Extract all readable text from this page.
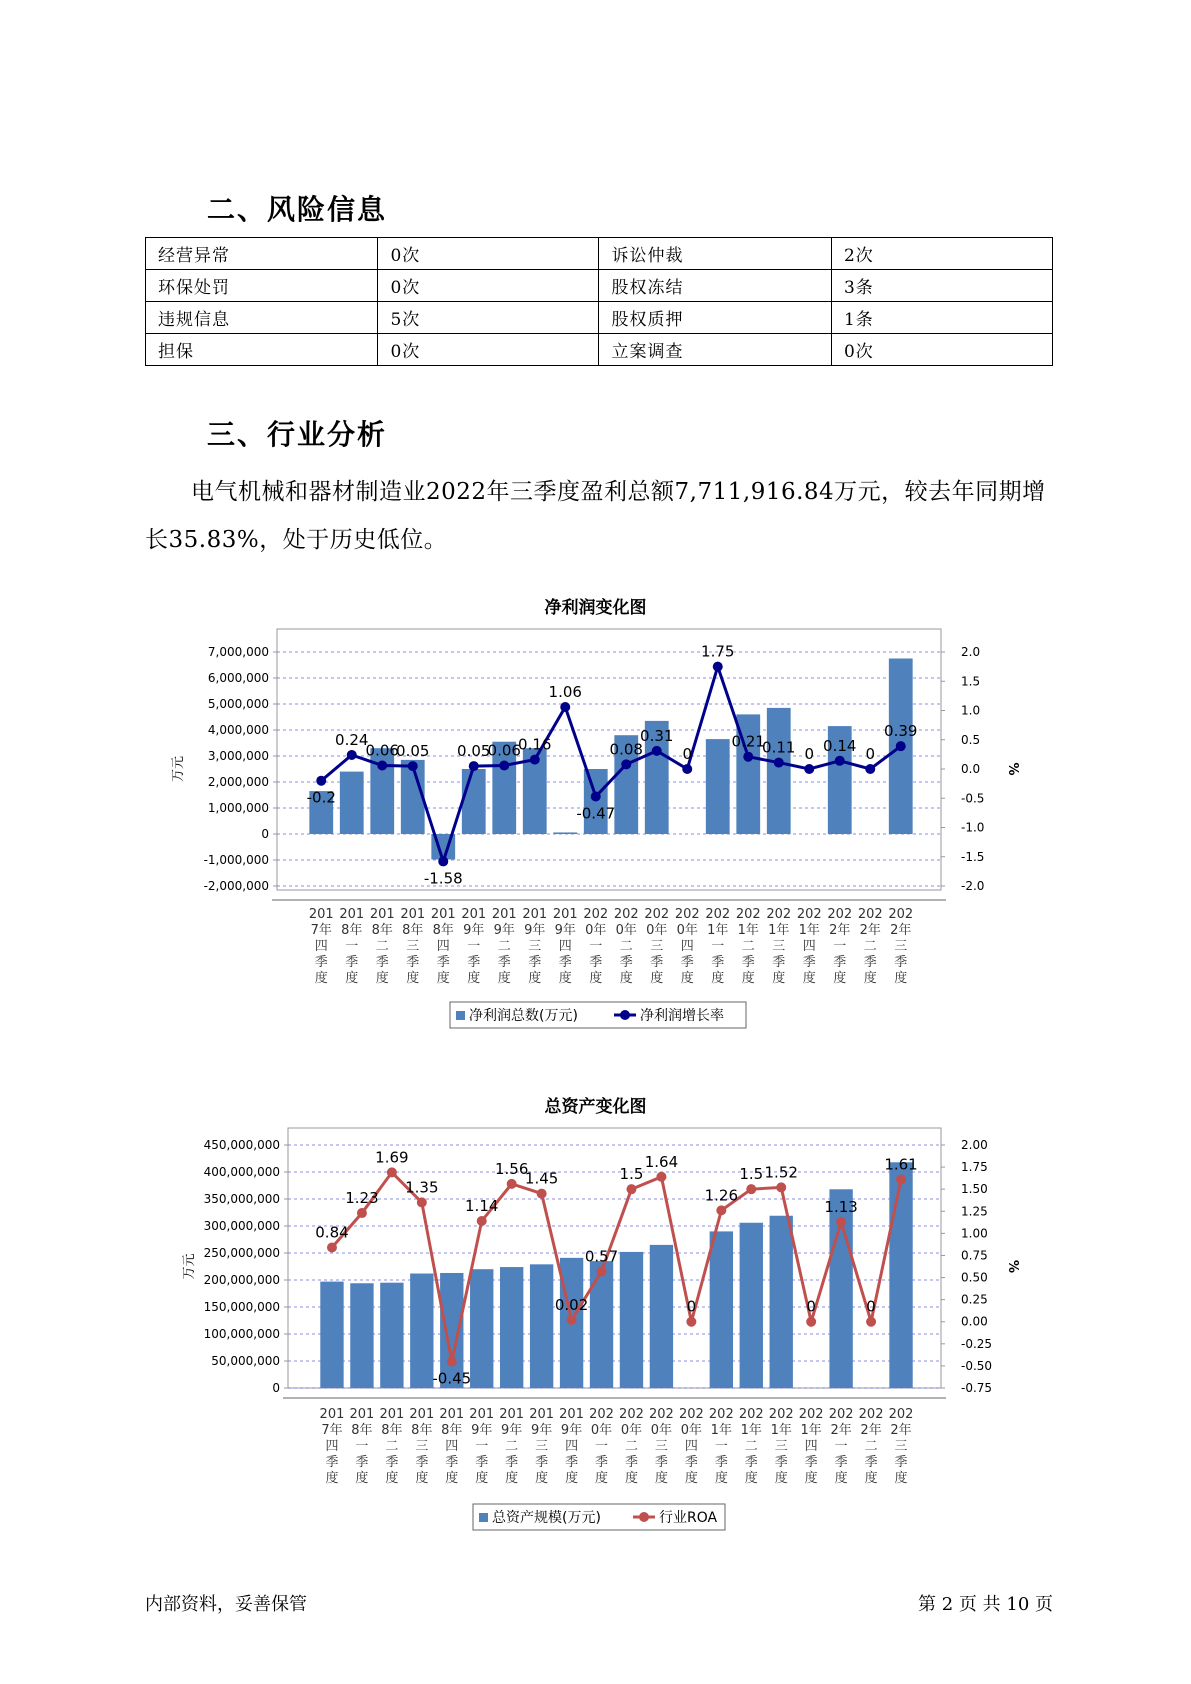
二、风险信息
经营异常	0次	诉讼仲裁	2次
环保处罚	0次	股权冻结	3条
违规信息	5次	股权质押	1条
担保	0次	立案调查	0次
三、行业分析
电气机械和器材制造业2022年三季度盈利总额7,711,916.84万元，较去年同期增长35.83%，处于历史低位。
净利润变化图
7,000,000
6,000,000
5,000,000
4,000,000
3,000,000
2,000,000
1,000,000
0
-1,000,000
-2,000,000
2.0
1.5
1.0
0.5
0.0
-0.5
-1.0
-1.5
-2.0
万元	%
-0.2
0.24
0.06
0.05
-1.58
0.05
0.06
0.16
1.06
-0.47
0.08
0.31
0
1.75
0.21
0.11 0 0.14 0
0.39
201
7年
四
季
度
201
8年
一
季
度
201
8年
二
季
度
201
8年
三
季
度
201
8年
四
季
度
201
9年
一
季
度
201
9年
二
季
度
201
9年
三
季
度
201
9年
四
季
度
202
0年
一
季
度
202
0年
二
季
度
202
0年
三
季
度
202
0年
四
季
度
202
1年
一
季
度
202
1年
二
季
度
202
1年
三
季
度
202
1年
四
季
度
202
2年
一
季
度
202
2年
二
季
度
202
2年
三
季
度
净利润总数(万元)	净利润增长率
总资产变化图
450,000,000
400,000,000
350,000,000
300,000,000
250,000,000
200,000,000
150,000,000
100,000,000
50,000,000
0
2.00
1.75
1.50
1.25
1.00
0.75
0.50
0.25
0.00
-0.25
-0.50
-0.75
万元	%
0.84
1.23
1.69
1.35
-0.45
1.14
1.56
1.45
0.02
0.57
1.5
1.64
0
1.26
1.5 1.52
0
1.13
0
1.61
201
7年
四
季
度
201
8年
一
季
度
201
8年
二
季
度
201
8年
三
季
度
201
8年
四
季
度
201
9年
一
季
度
201
9年
二
季
度
201
9年
三
季
度
201
9年
四
季
度
202
0年
一
季
度
202
0年
二
季
度
202
0年
三
季
度
202
0年
四
季
度
202
1年
一
季
度
202
1年
二
季
度
202
1年
三
季
度
202
1年
四
季
度
202
2年
一
季
度
202
2年
二
季
度
202
2年
三
季
度
总资产规模(万元)	行业ROA
内部资料，妥善保管	第 2 页 共 10 页
